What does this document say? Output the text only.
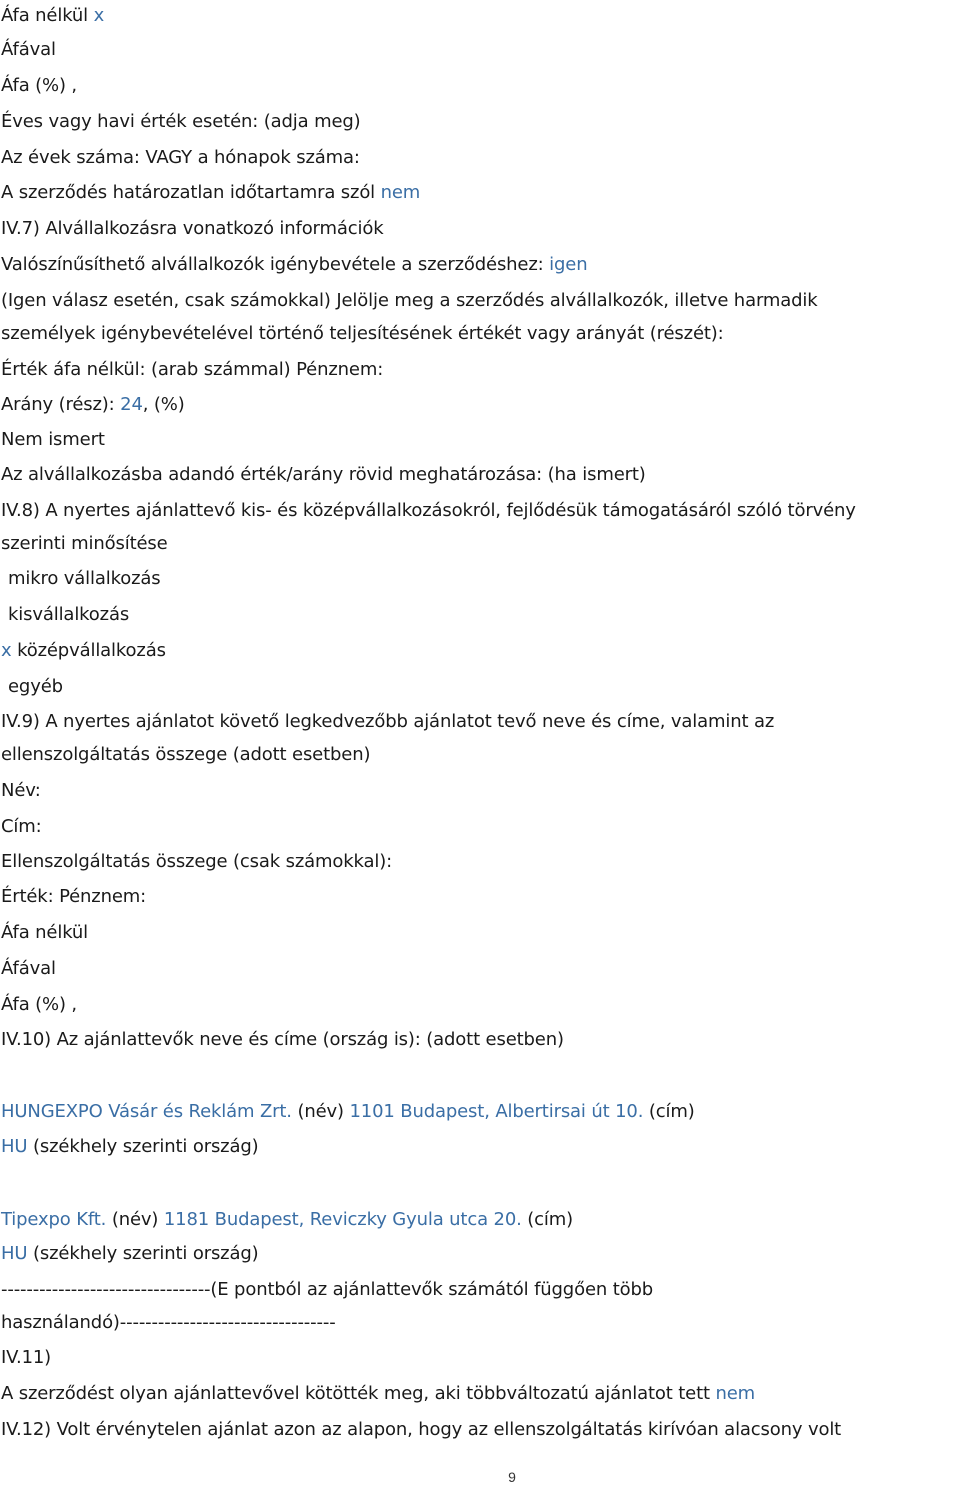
Áfa nélkül x
Áfával
Áfa (%) ,
Éves vagy havi érték esetén: (adja meg)
Az évek száma: VAGY a hónapok száma:
A szerződés határozatlan időtartamra szól nem
IV.7) Alvállalkozásra vonatkozó információk
Valószínűsíthető alvállalkozók igénybevétele a szerződéshez: igen
(Igen válasz esetén, csak számokkal) Jelölje meg a szerződés alvállalkozók, illetve harmadik
személyek igénybevételével történő teljesítésének értékét vagy arányát (részét):
Érték áfa nélkül: (arab számmal) Pénznem:
Arány (rész): 24, (%)
Nem ismert
Az alvállalkozásba adandó érték/arány rövid meghatározása: (ha ismert)
IV.8) A nyertes ajánlattevő kis- és középvállalkozásokról, fejlődésük támogatásáról szóló törvény
szerinti minősítése
mikro vállalkozás
kisvállalkozás
x középvállalkozás
egyéb
IV.9) A nyertes ajánlatot követő legkedvezőbb ajánlatot tevő neve és címe, valamint az
ellenszolgáltatás összege (adott esetben)
Név:
Cím:
Ellenszolgáltatás összege (csak számokkal):
Érték: Pénznem:
Áfa nélkül
Áfával
Áfa (%) ,
IV.10) Az ajánlattevők neve és címe (ország is): (adott esetben)
HUNGEXPO Vásár és Reklám Zrt. (név) 1101 Budapest, Albertirsai út 10. (cím)
HU (székhely szerinti ország)
Tipexpo Kft. (név) 1181 Budapest, Reviczky Gyula utca 20. (cím)
HU (székhely szerinti ország)
---------------------------------(E pontból az ajánlattevők számától függően több
használandó)----------------------------------
IV.11)
A szerződést olyan ajánlattevővel kötötték meg, aki többváltozatú ajánlatot tett nem
IV.12) Volt érvénytelen ajánlat azon az alapon, hogy az ellenszolgáltatás kirívóan alacsony volt
9
